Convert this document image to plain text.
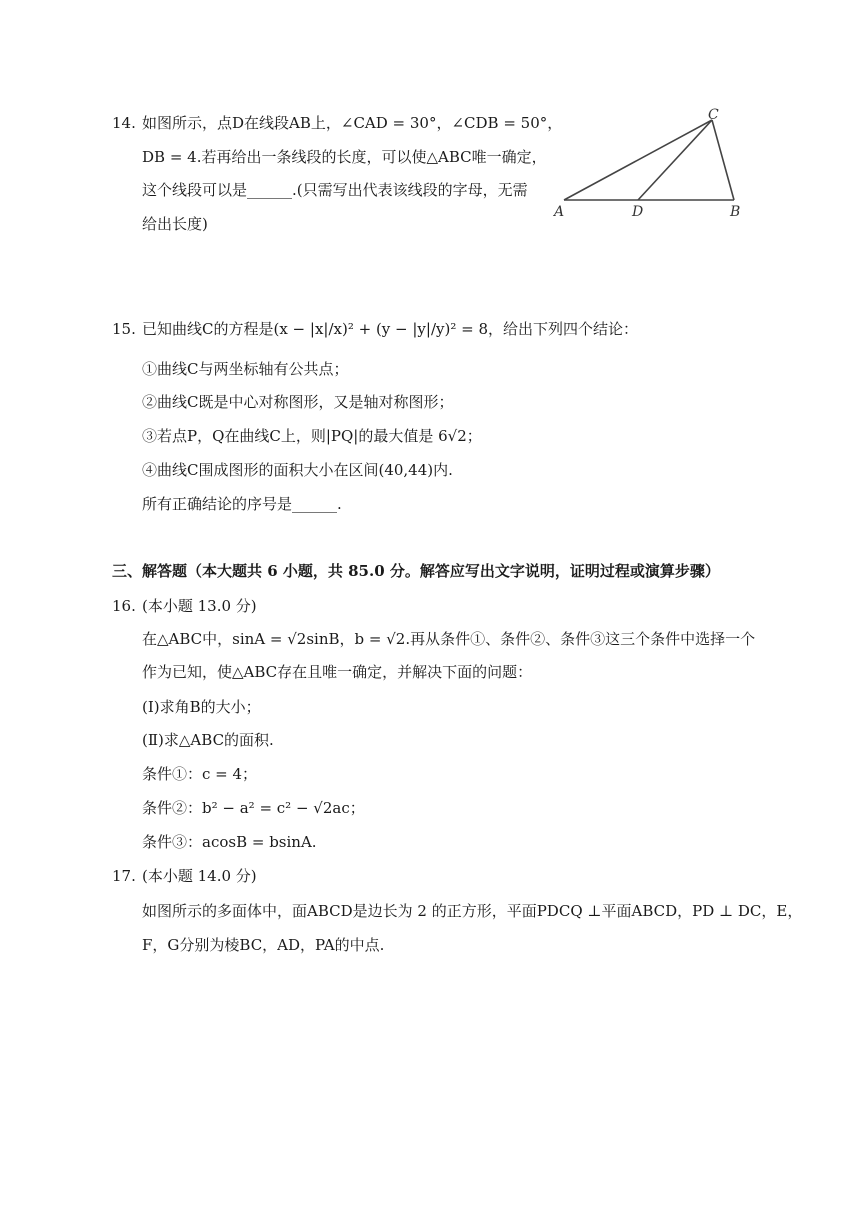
14. 如图所示，点D在线段AB上，∠CAD = 30°，∠CDB = 50°，
DB = 4.若再给出一条线段的长度，可以使△ABC唯一确定，
这个线段可以是______.(只需写出代表该线段的字母，无需
给出长度)
A	B
C
D
15. 已知曲线C的方程是(x − |x|/x)² + (y − |y|/y)² = 8，给出下列四个结论：
①曲线C与两坐标轴有公共点；
②曲线C既是中心对称图形，又是轴对称图形；
③若点P，Q在曲线C上，则|PQ|的最大值是 6√2；
④曲线C围成图形的面积大小在区间(40,44)内.
所有正确结论的序号是______.
三、解答题（本大题共 6 小题，共 85.0 分。解答应写出文字说明，证明过程或演算步骤）
16. (本小题 13.0 分)
在△ABC中，sinA = √2sinB，b = √2.再从条件①、条件②、条件③这三个条件中选择一个
作为已知，使△ABC存在且唯一确定，并解决下面的问题：
(Ⅰ)求角B的大小；
(Ⅱ)求△ABC的面积.
条件①：c = 4；
条件②：b² − a² = c² − √2ac；
条件③：acosB = bsinA.
17. (本小题 14.0 分)
如图所示的多面体中，面ABCD是边长为 2 的正方形，平面PDCQ ⊥平面ABCD，PD ⊥ DC，E，
F，G分别为棱BC，AD，PA的中点.
